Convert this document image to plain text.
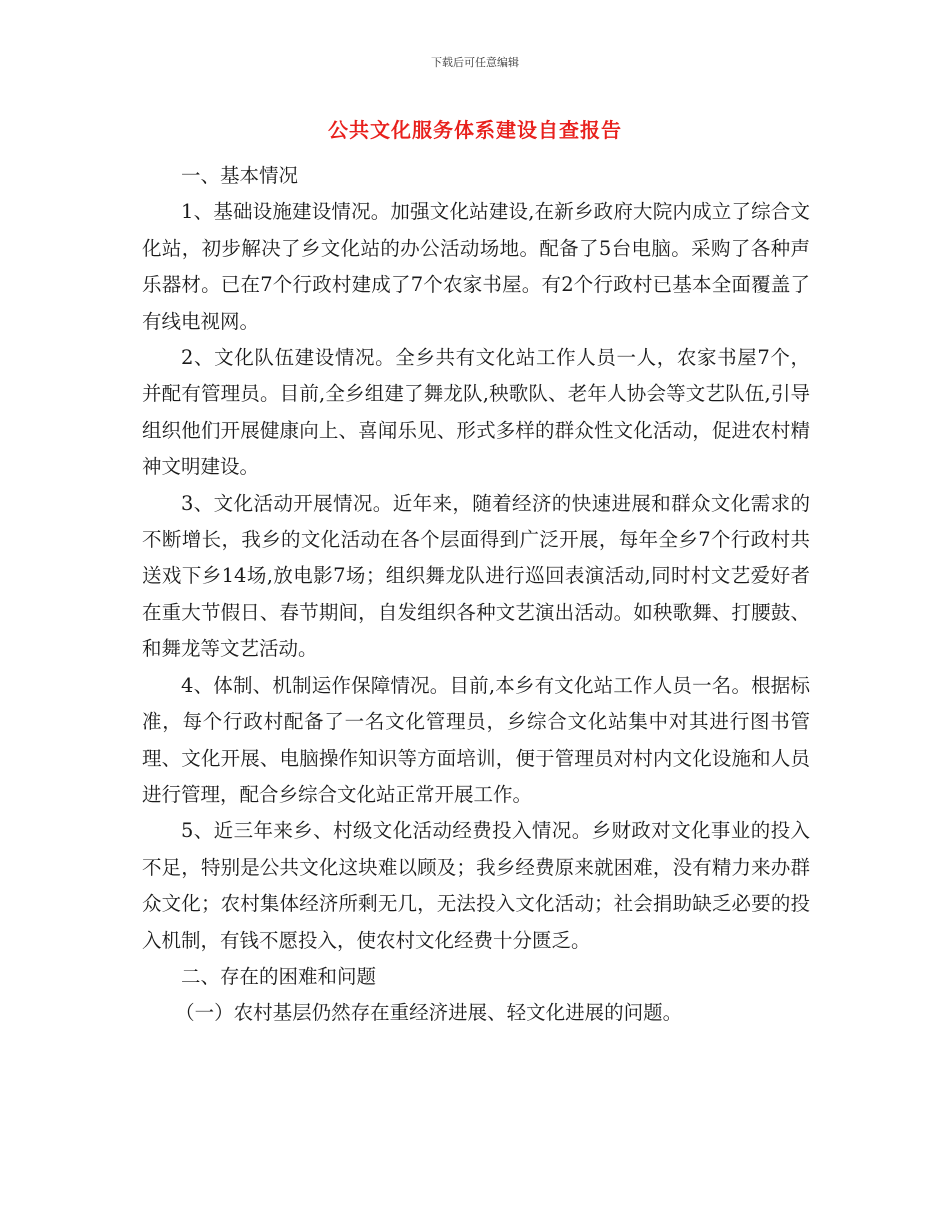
下载后可任意编辑
公共文化服务体系建设自查报告

一、基本情况

1、基础设施建设情况。加强文化站建设,在新乡政府大院内成立了综合文化站，初步解决了乡文化站的办公活动场地。配备了5台电脑。采购了各种声乐器材。已在7个行政村建成了7个农家书屋。有2个行政村已基本全面覆盖了有线电视网。

2、文化队伍建设情况。全乡共有文化站工作人员一人，农家书屋7个，并配有管理员。目前,全乡组建了舞龙队,秧歌队、老年人协会等文艺队伍,引导组织他们开展健康向上、喜闻乐见、形式多样的群众性文化活动，促进农村精神文明建设。

3、文化活动开展情况。近年来，随着经济的快速进展和群众文化需求的不断增长，我乡的文化活动在各个层面得到广泛开展，每年全乡7个行政村共送戏下乡14场,放电影7场；组织舞龙队进行巡回表演活动,同时村文艺爱好者在重大节假日、春节期间，自发组织各种文艺演出活动。如秧歌舞、打腰鼓、和舞龙等文艺活动。

4、体制、机制运作保障情况。目前,本乡有文化站工作人员一名。根据标准，每个行政村配备了一名文化管理员，乡综合文化站集中对其进行图书管理、文化开展、电脑操作知识等方面培训，便于管理员对村内文化设施和人员进行管理，配合乡综合文化站正常开展工作。

5、近三年来乡、村级文化活动经费投入情况。乡财政对文化事业的投入不足，特别是公共文化这块难以顾及；我乡经费原来就困难，没有精力来办群众文化；农村集体经济所剩无几，无法投入文化活动；社会捐助缺乏必要的投入机制，有钱不愿投入，使农村文化经费十分匮乏。

二、存在的困难和问题

（一）农村基层仍然存在重经济进展、轻文化进展的问题。
